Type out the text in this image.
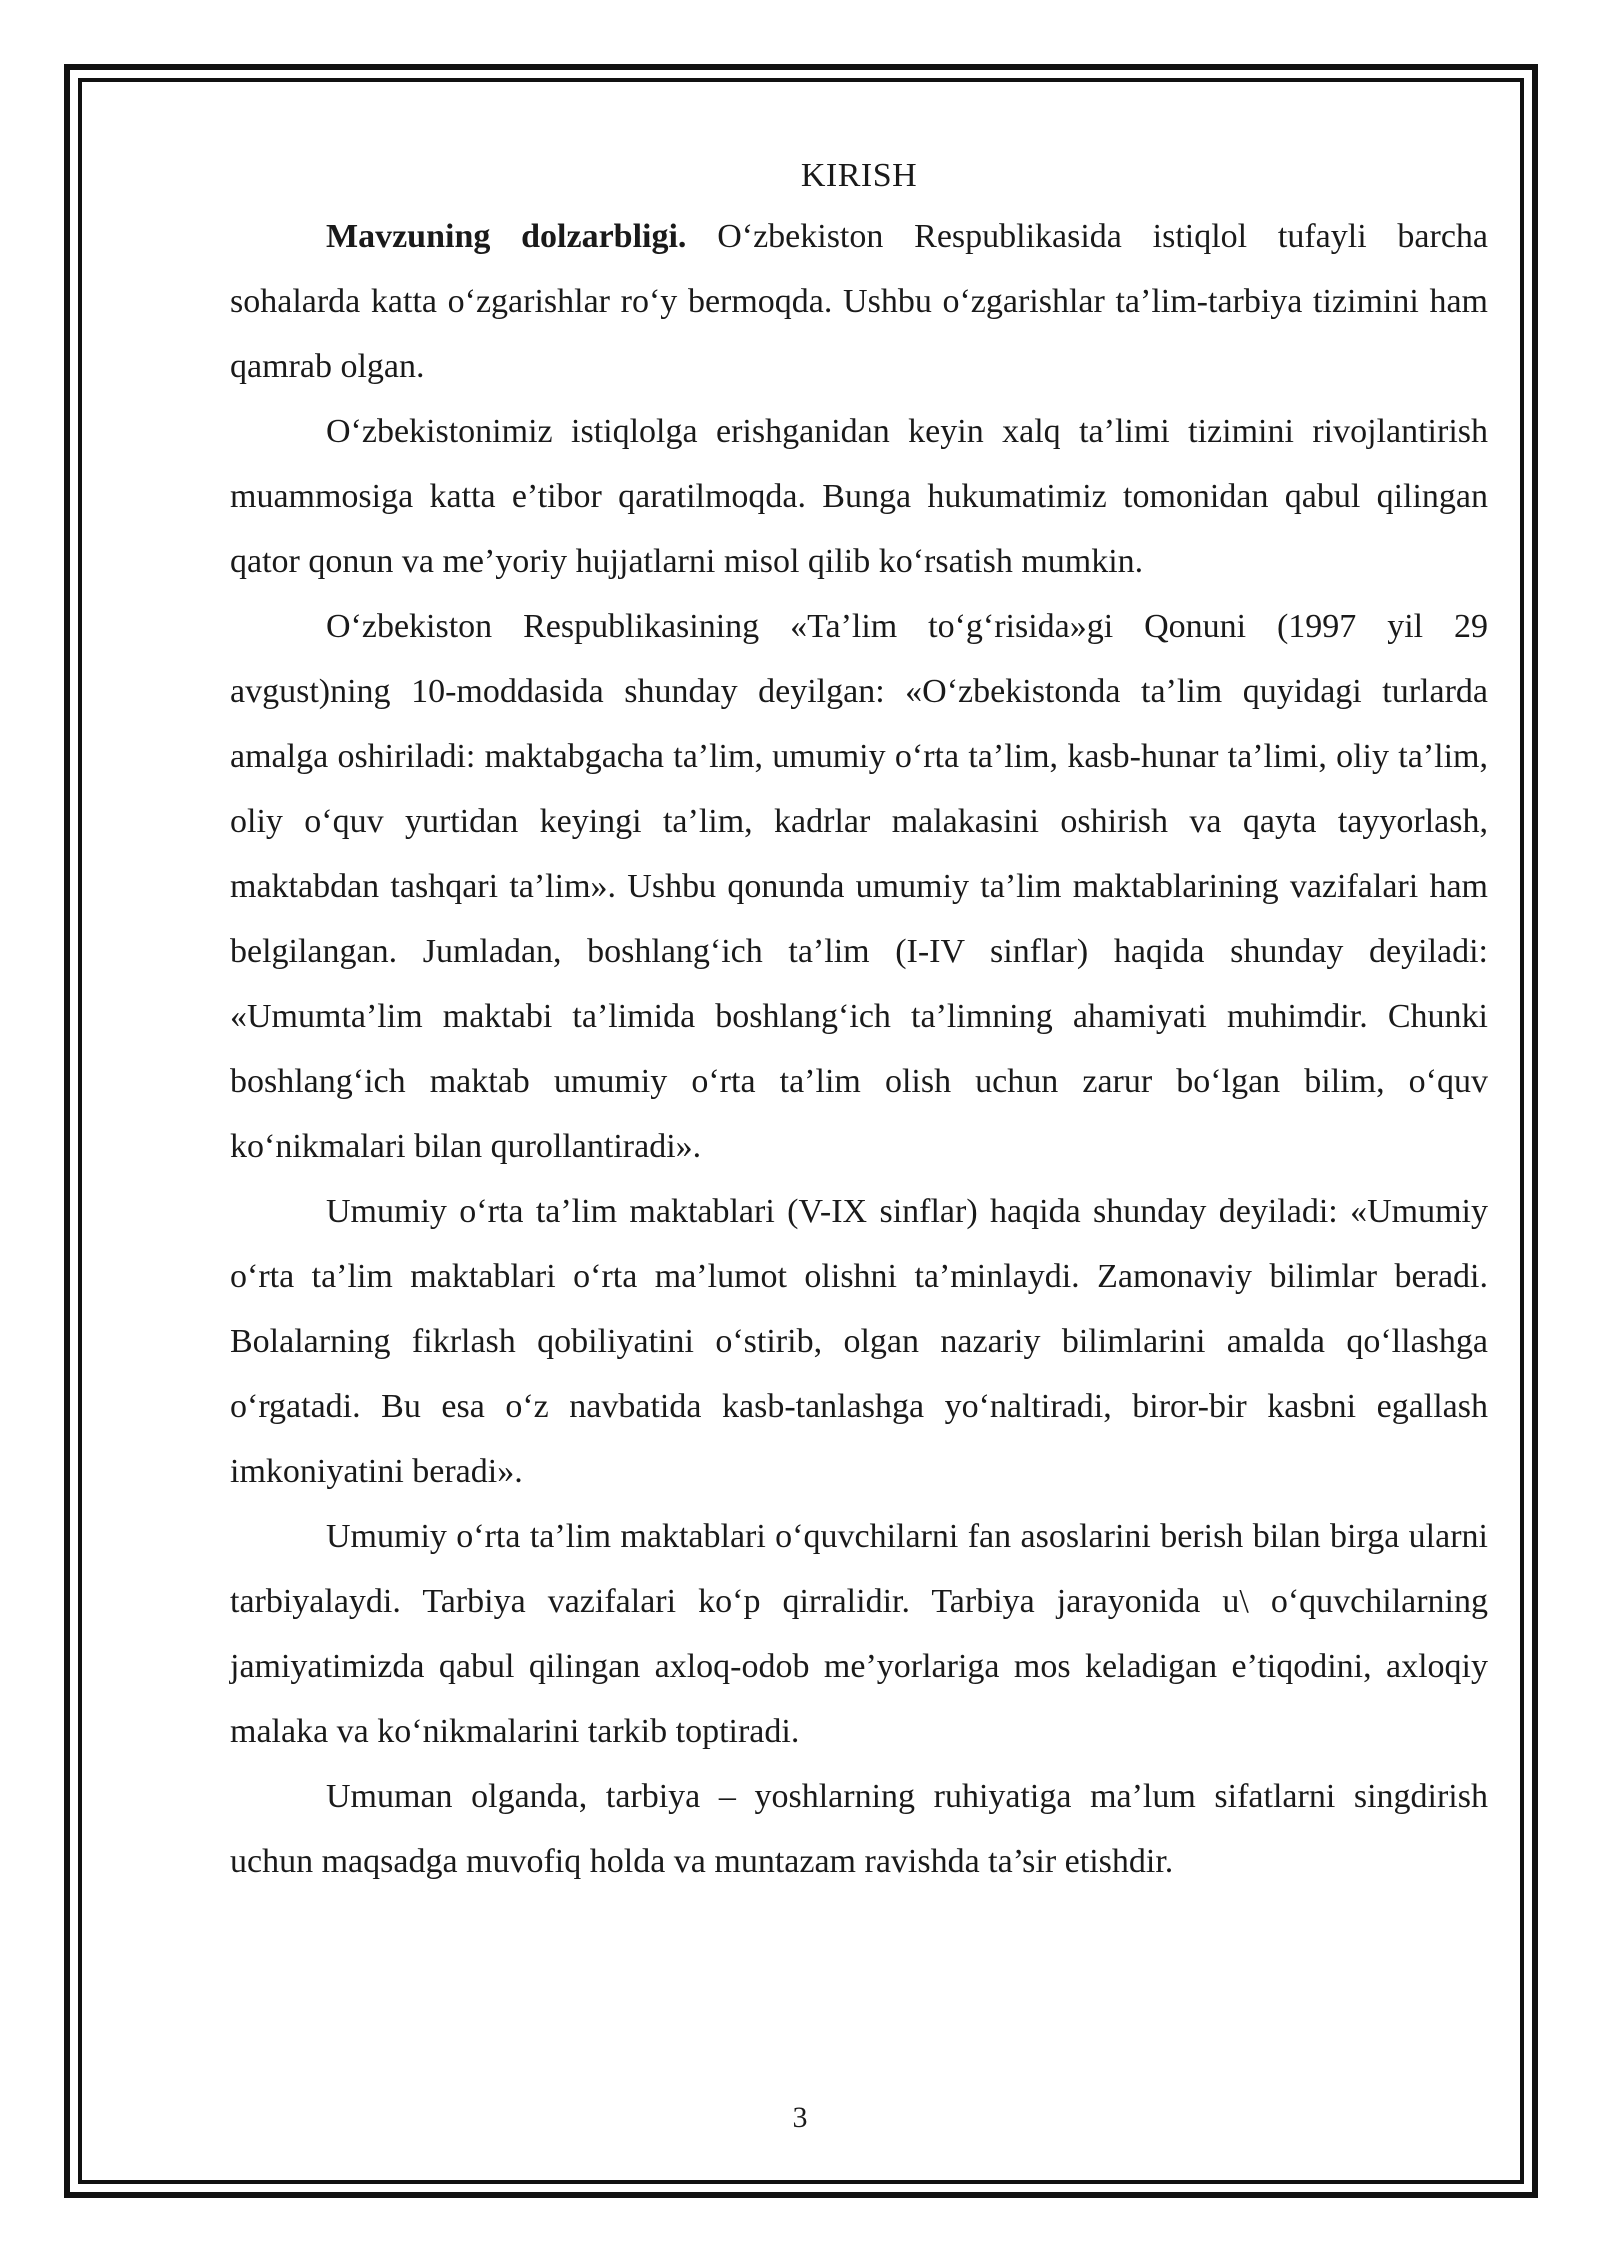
KIRISH

Mavzuning dolzarbligi. O‘zbekiston Respublikasida istiqlol tufayli barcha sohalarda katta o‘zgarishlar ro‘y bermoqda. Ushbu o‘zgarishlar ta’lim-tarbiya tizimini ham qamrab olgan.

O‘zbekistonimiz istiqlolga erishganidan keyin xalq ta’limi tizimini rivojlantirish muammosiga katta e’tibor qaratilmoqda. Bunga hukumatimiz tomonidan qabul qilingan qator qonun va me’yoriy hujjatlarni misol qilib ko‘rsatish mumkin.

O‘zbekiston Respublikasining «Ta’lim to‘g‘risida»gi Qonuni (1997 yil 29 avgust)ning 10-moddasida shunday deyilgan: «O‘zbekistonda ta’lim quyidagi turlarda amalga oshiriladi: maktabgacha ta’lim, umumiy o‘rta ta’lim, kasb-hunar ta’limi, oliy ta’lim, oliy o‘quv yurtidan keyingi ta’lim, kadrlar malakasini oshirish va qayta tayyorlash, maktabdan tashqari ta’lim». Ushbu qonunda umumiy ta’lim maktablarining vazifalari ham belgilangan. Jumladan, boshlang‘ich ta’lim (I-IV sinflar) haqida shunday deyiladi: «Umumta’lim maktabi ta’limida boshlang‘ich ta’limning ahamiyati muhimdir. Chunki boshlang‘ich maktab umumiy o‘rta ta’lim olish uchun zarur bo‘lgan bilim, o‘quv ko‘nikmalari bilan qurollantiradi».

Umumiy o‘rta ta’lim maktablari (V-IX sinflar) haqida shunday deyiladi: «Umumiy o‘rta ta’lim maktablari o‘rta ma’lumot olishni ta’minlaydi. Zamonaviy bilimlar beradi. Bolalarning fikrlash qobiliyatini o‘stirib, olgan nazariy bilimlarini amalda qo‘llashga o‘rgatadi. Bu esa o‘z navbatida kasb-tanlashga yo‘naltiradi, biror-bir kasbni egallash imkoniyatini beradi».

Umumiy o‘rta ta’lim maktablari o‘quvchilarni fan asoslarini berish bilan birga ularni tarbiyalaydi. Tarbiya vazifalari ko‘p qirralidir. Tarbiya jarayonida u\ o‘quvchilarning jamiyatimizda qabul qilingan axloq-odob me’yorlariga mos keladigan e’tiqodini, axloqiy malaka va ko‘nikmalarini tarkib toptiradi.

Umuman olganda, tarbiya – yoshlarning ruhiyatiga ma’lum sifatlarni singdirish uchun maqsadga muvofiq holda va muntazam ravishda ta’sir etishdir.

3
